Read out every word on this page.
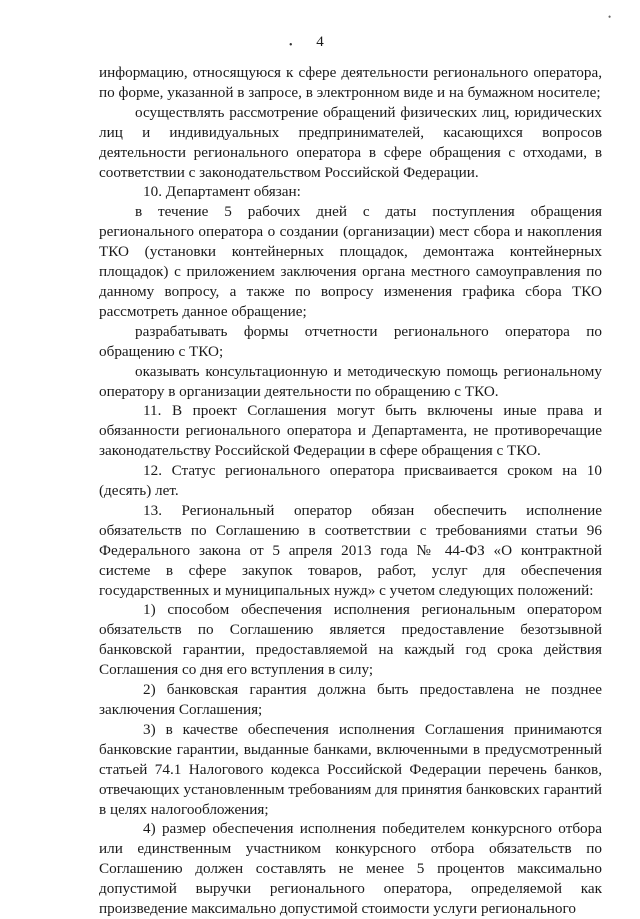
•
•	4

информацию, относящуюся к сфере деятельности регионального оператора, по форме, указанной в запросе, в электронном виде и на бумажном носителе;

осуществлять рассмотрение обращений физических лиц, юридических лиц и индивидуальных предпринимателей, касающихся вопросов деятельности регионального оператора в сфере обращения с отходами, в соответствии с законодательством Российской Федерации.

10. Департамент обязан:

в течение 5 рабочих дней с даты поступления обращения регионального оператора о создании (организации) мест сбора и накопления ТКО (установки контейнерных площадок, демонтажа контейнерных площадок) с приложением заключения органа местного самоуправления по данному вопросу, а также по вопросу изменения графика сбора ТКО рассмотреть данное обращение;

разрабатывать формы отчетности регионального оператора по обращению с ТКО;

оказывать консультационную и методическую помощь региональному оператору в организации деятельности по обращению с ТКО.

11. В проект Соглашения могут быть включены иные права и обязанности регионального оператора и Департамента, не противоречащие законодательству Российской Федерации в сфере обращения с ТКО.

12. Статус регионального оператора присваивается сроком на 10 (десять) лет.

13. Региональный оператор обязан обеспечить исполнение обязательств по Соглашению в соответствии с требованиями статьи 96 Федерального закона от 5 апреля 2013 года № 44-ФЗ «О контрактной системе в сфере закупок товаров, работ, услуг для обеспечения государственных и муниципальных нужд» с учетом следующих положений:

1) способом обеспечения исполнения региональным оператором обязательств по Соглашению является предоставление безотзывной банковской гарантии, предоставляемой на каждый год срока действия Соглашения со дня его вступления в силу;

2) банковская гарантия должна быть предоставлена не позднее заключения Соглашения;

3) в качестве обеспечения исполнения Соглашения принимаются банковские гарантии, выданные банками, включенными в предусмотренный статьей 74.1 Налогового кодекса Российской Федерации перечень банков, отвечающих установленным требованиям для принятия банковских гарантий в целях налогообложения;

4) размер обеспечения исполнения победителем конкурсного отбора или единственным участником конкурсного отбора обязательств по Соглашению должен составлять не менее 5 процентов максимально допустимой выручки регионального оператора, определяемой как произведение максимально допустимой стоимости услуги регионального
